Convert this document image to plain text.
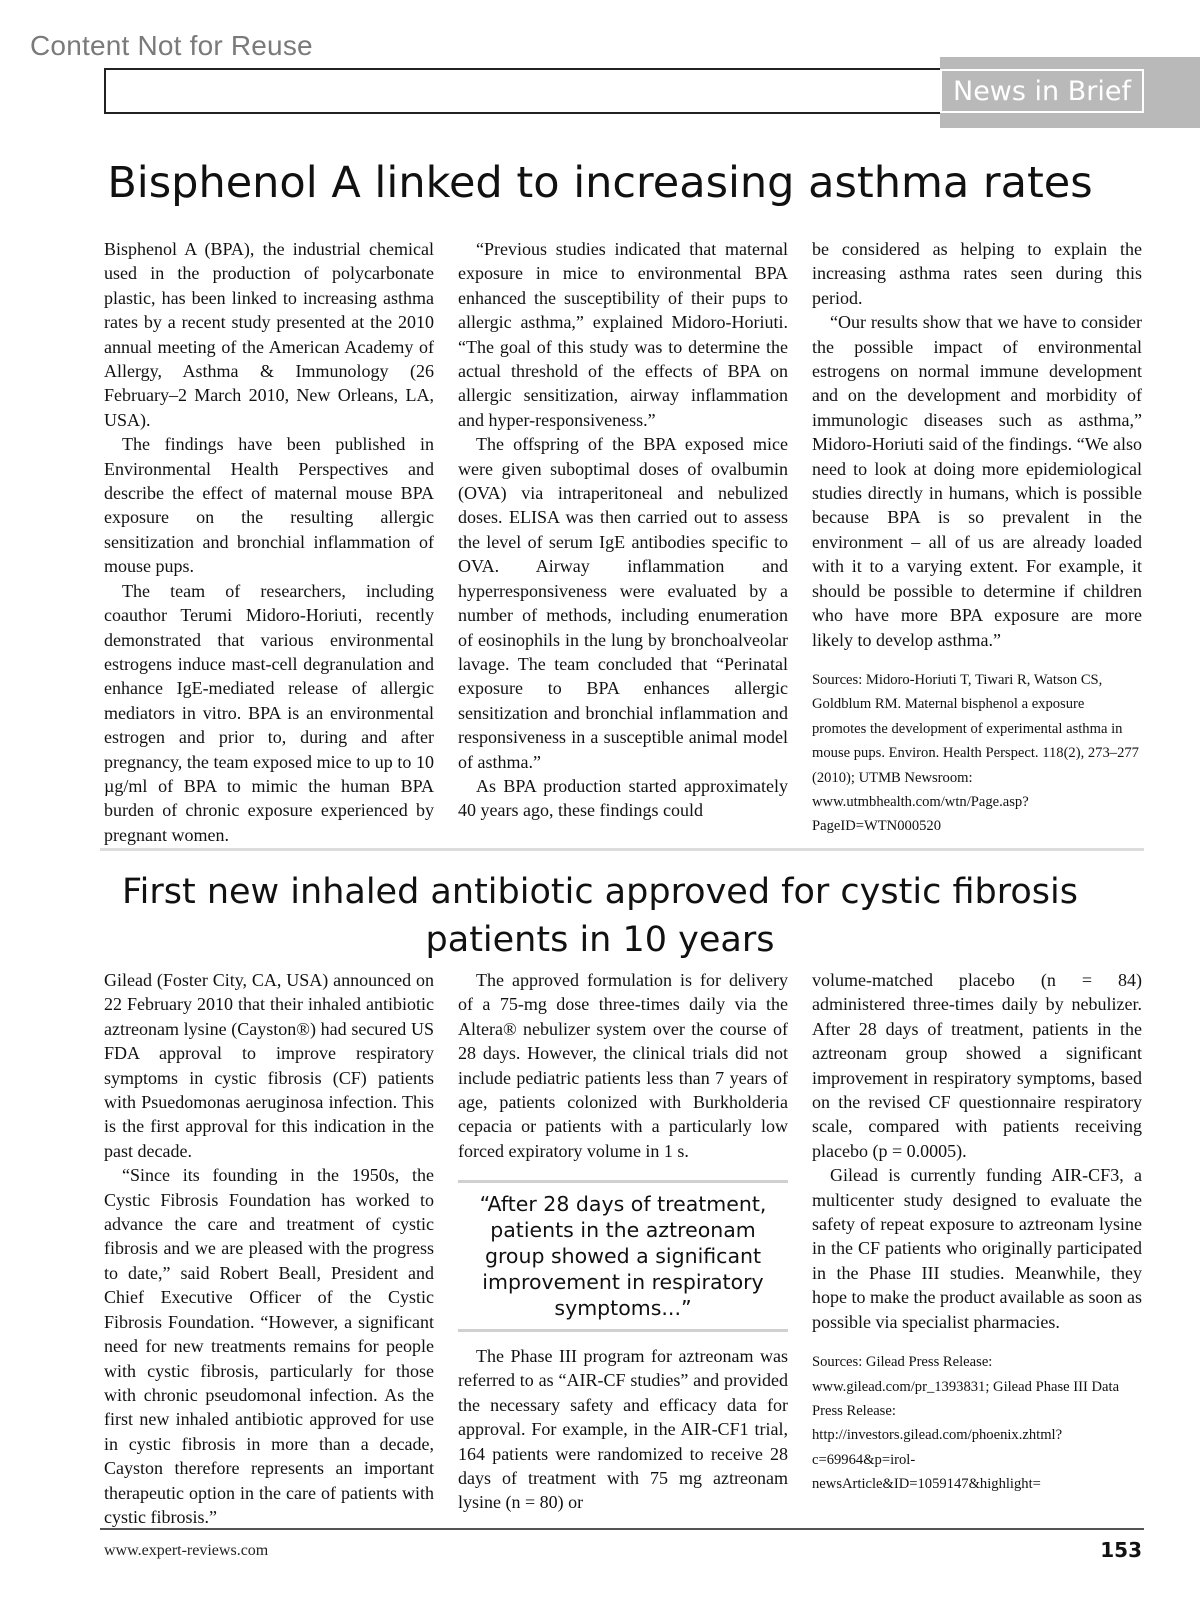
Content Not for Reuse
News in Brief
Bisphenol A linked to increasing asthma rates

Bisphenol A (BPA), the industrial chemical used in the production of polycarbonate plastic, has been linked to increasing asthma rates by a recent study presented at the 2010 annual meeting of the American Academy of Allergy, Asthma & Immunology (26 February–2 March 2010, New Orleans, LA, USA).

The findings have been published in Environmental Health Perspectives and describe the effect of maternal mouse BPA exposure on the resulting allergic sensitization and bronchial inflammation of mouse pups.

The team of researchers, including coauthor Terumi Midoro-Horiuti, recently demonstrated that various environmental estrogens induce mast-cell degranulation and enhance IgE-mediated release of allergic mediators in vitro. BPA is an environmental estrogen and prior to, during and after pregnancy, the team exposed mice to up to 10 µg/ml of BPA to mimic the human BPA burden of chronic exposure experienced by pregnant women.

“Previous studies indicated that maternal exposure in mice to environmental BPA enhanced the susceptibility of their pups to allergic asthma,” explained Midoro-Horiuti. “The goal of this study was to determine the actual threshold of the effects of BPA on allergic sensitization, airway inflammation and hyper-responsiveness.”

The offspring of the BPA exposed mice were given suboptimal doses of ovalbumin (OVA) via intraperitoneal and nebulized doses. ELISA was then carried out to assess the level of serum IgE antibodies specific to OVA. Airway inflammation and hyperresponsiveness were evaluated by a number of methods, including enumeration of eosinophils in the lung by bronchoalveolar lavage. The team concluded that “Perinatal exposure to BPA enhances allergic sensitization and bronchial inflammation and responsiveness in a susceptible animal model of asthma.”

As BPA production started approximately 40 years ago, these findings could

be considered as helping to explain the increasing asthma rates seen during this period.

“Our results show that we have to consider the possible impact of environmental estrogens on normal immune development and on the development and morbidity of immunologic diseases such as asthma,” Midoro-Horiuti said of the findings. “We also need to look at doing more epidemiological studies directly in humans, which is possible because BPA is so prevalent in the environment – all of us are already loaded with it to a varying extent. For example, it should be possible to determine if children who have more BPA exposure are more likely to develop asthma.”

Sources: Midoro-Horiuti T, Tiwari R, Watson CS, Goldblum RM. Maternal bisphenol a exposure promotes the development of experimental asthma in mouse pups. Environ. Health Perspect. 118(2), 273–277 (2010); UTMB Newsroom: www.utmbhealth.com/wtn/Page.asp?PageID=WTN000520

First new inhaled antibiotic approved for cystic fibrosis patients in 10 years

Gilead (Foster City, CA, USA) announced on 22 February 2010 that their inhaled antibiotic aztreonam lysine (Cayston®) had secured US FDA approval to improve respiratory symptoms in cystic fibrosis (CF) patients with Psuedomonas aeruginosa infection. This is the first approval for this indication in the past decade.

“Since its founding in the 1950s, the Cystic Fibrosis Foundation has worked to advance the care and treatment of cystic fibrosis and we are pleased with the progress to date,” said Robert Beall, President and Chief Executive Officer of the Cystic Fibrosis Foundation. “However, a significant need for new treatments remains for people with cystic fibrosis, particularly for those with chronic pseudomonal infection. As the first new inhaled antibiotic approved for use in cystic fibrosis in more than a decade, Cayston therefore represents an important therapeutic option in the care of patients with cystic fibrosis.”

The approved formulation is for delivery of a 75-mg dose three-times daily via the Altera® nebulizer system over the course of 28 days. However, the clinical trials did not include pediatric patients less than 7 years of age, patients colonized with Burkholderia cepacia or patients with a particularly low forced expiratory volume in 1 s.

“After 28 days of treatment, patients in the aztreonam group showed a significant improvement in respiratory symptoms...”

The Phase III program for aztreonam was referred to as “AIR-CF studies” and provided the necessary safety and efficacy data for approval. For example, in the AIR-CF1 trial, 164 patients were randomized to receive 28 days of treatment with 75 mg aztreonam lysine (n = 80) or

volume-matched placebo (n = 84) administered three-times daily by nebulizer. After 28 days of treatment, patients in the aztreonam group showed a significant improvement in respiratory symptoms, based on the revised CF questionnaire respiratory scale, compared with patients receiving placebo (p = 0.0005).

Gilead is currently funding AIR-CF3, a multicenter study designed to evaluate the safety of repeat exposure to aztreonam lysine in the CF patients who originally participated in the Phase III studies. Meanwhile, they hope to make the product available as soon as possible via specialist pharmacies.

Sources: Gilead Press Release: www.gilead.com/pr_1393831; Gilead Phase III Data Press Release: http://investors.gilead.com/phoenix.zhtml?c=69964&p=irol-newsArticle&ID=1059147&highlight=

www.expert-reviews.com	153
